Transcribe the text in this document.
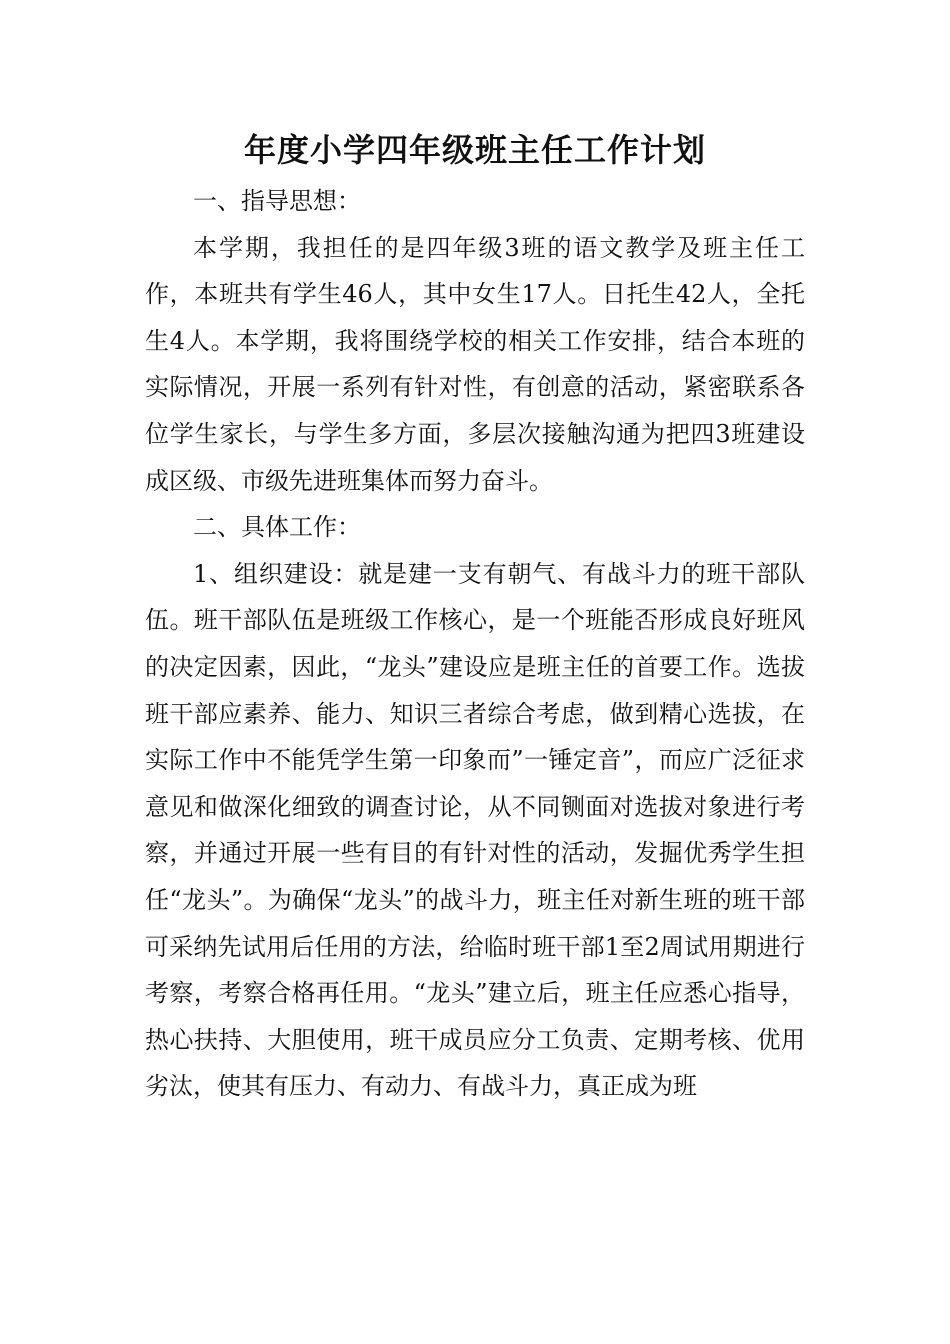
年度小学四年级班主任工作计划

一、指导思想：

本学期，我担任的是四年级3班的语文教学及班主任工作，本班共有学生46人，其中女生17人。日托生42人，全托生4人。本学期，我将围绕学校的相关工作安排，结合本班的实际情况，开展一系列有针对性，有创意的活动，紧密联系各位学生家长，与学生多方面，多层次接触沟通为把四3班建设成区级、市级先进班集体而努力奋斗。

二、具体工作：

1、组织建设：就是建一支有朝气、有战斗力的班干部队伍。班干部队伍是班级工作核心，是一个班能否形成良好班风的决定因素，因此，“龙头”建设应是班主任的首要工作。选拔班干部应素养、能力、知识三者综合考虑，做到精心选拔，在实际工作中不能凭学生第一印象而”一锤定音”，而应广泛征求意见和做深化细致的调查讨论，从不同铡面对选拔对象进行考察，并通过开展一些有目的有针对性的活动，发掘优秀学生担任“龙头”。为确保“龙头”的战斗力，班主任对新生班的班干部可采纳先试用后任用的方法，给临时班干部1至2周试用期进行考察，考察合格再任用。“龙头”建立后，班主任应悉心指导，热心扶持、大胆使用，班干成员应分工负责、定期考核、优用劣汰，使其有压力、有动力、有战斗力，真正成为班
